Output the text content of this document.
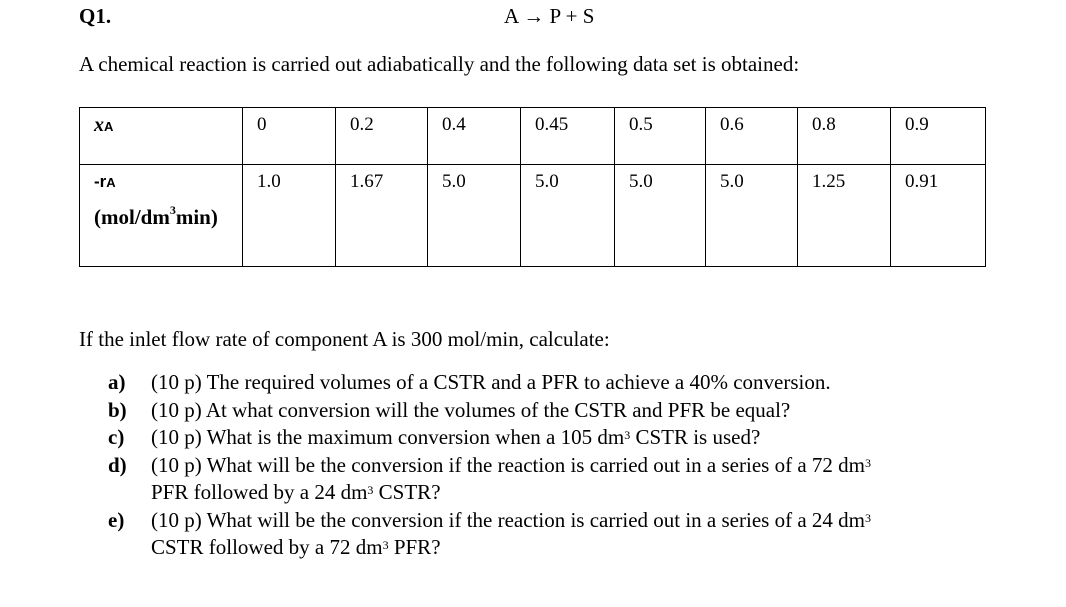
Q1.	A → P + S
A chemical reaction is carried out adiabatically and the following data set is obtained:
xA	0	0.2	0.4	0.45	0.5	0.6	0.8	0.9
-rA
$(mol/dm^3\min)$	1.0	1.67	5.0	5.0	5.0	5.0	1.25	0.91
If the inlet flow rate of component A is 300 mol/min, calculate:
a) (10 p) The required volumes of a CSTR and a PFR to achieve a 40% conversion.
b) (10 p) At what conversion will the volumes of the CSTR and PFR be equal?
c) (10 p) What is the maximum conversion when a 105 $dm^3$ CSTR is used?
d) (10 p) What will be the conversion if the reaction is carried out in a series of a 72 $dm^3$
PFR followed by a 24 $dm^3$ CSTR?
e) (10 p) What will be the conversion if the reaction is carried out in a series of a 24 $dm^3$
CSTR followed by a 72 $dm^3$ PFR?
